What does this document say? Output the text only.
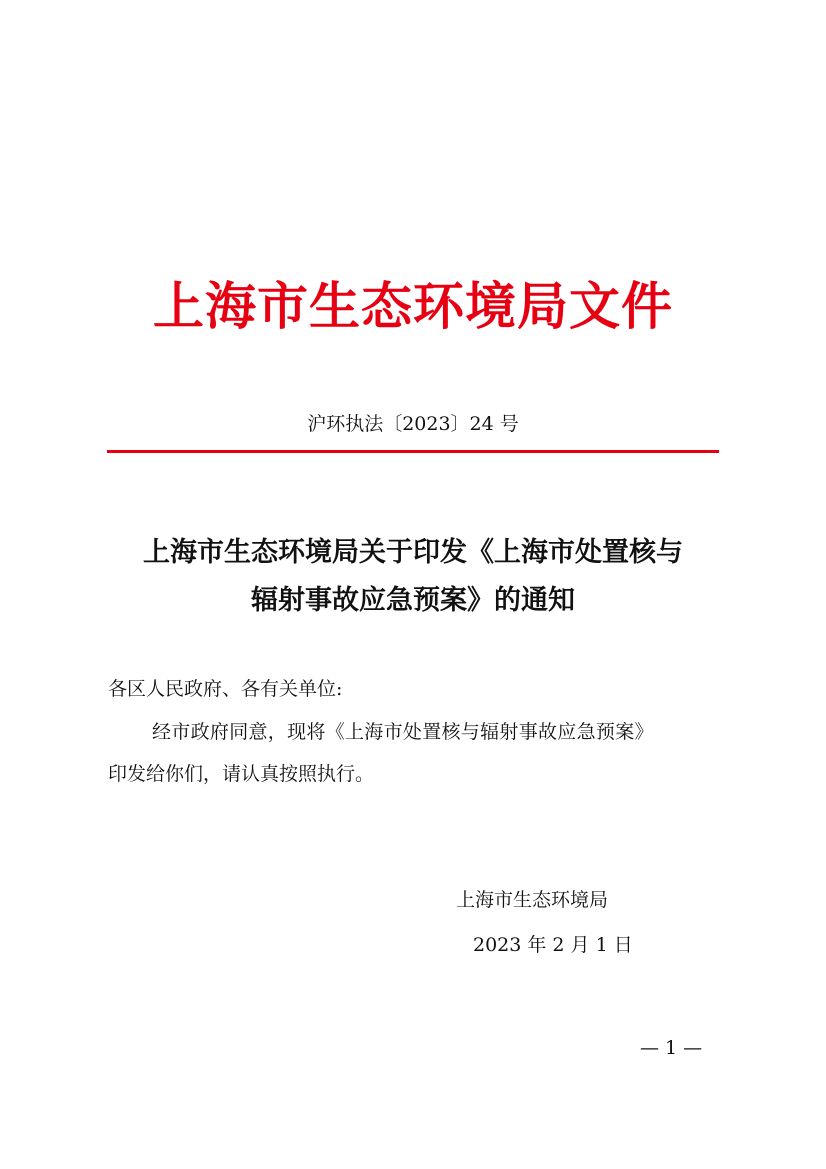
上海市生态环境局文件
沪环执法〔2023〕24 号
上海市生态环境局关于印发《上海市处置核与
辐射事故应急预案》的通知
各区人民政府、各有关单位:
经市政府同意，现将《上海市处置核与辐射事故应急预案》
印发给你们，请认真按照执行。
上海市生态环境局
2023 年 2 月 1 日
— 1 —
